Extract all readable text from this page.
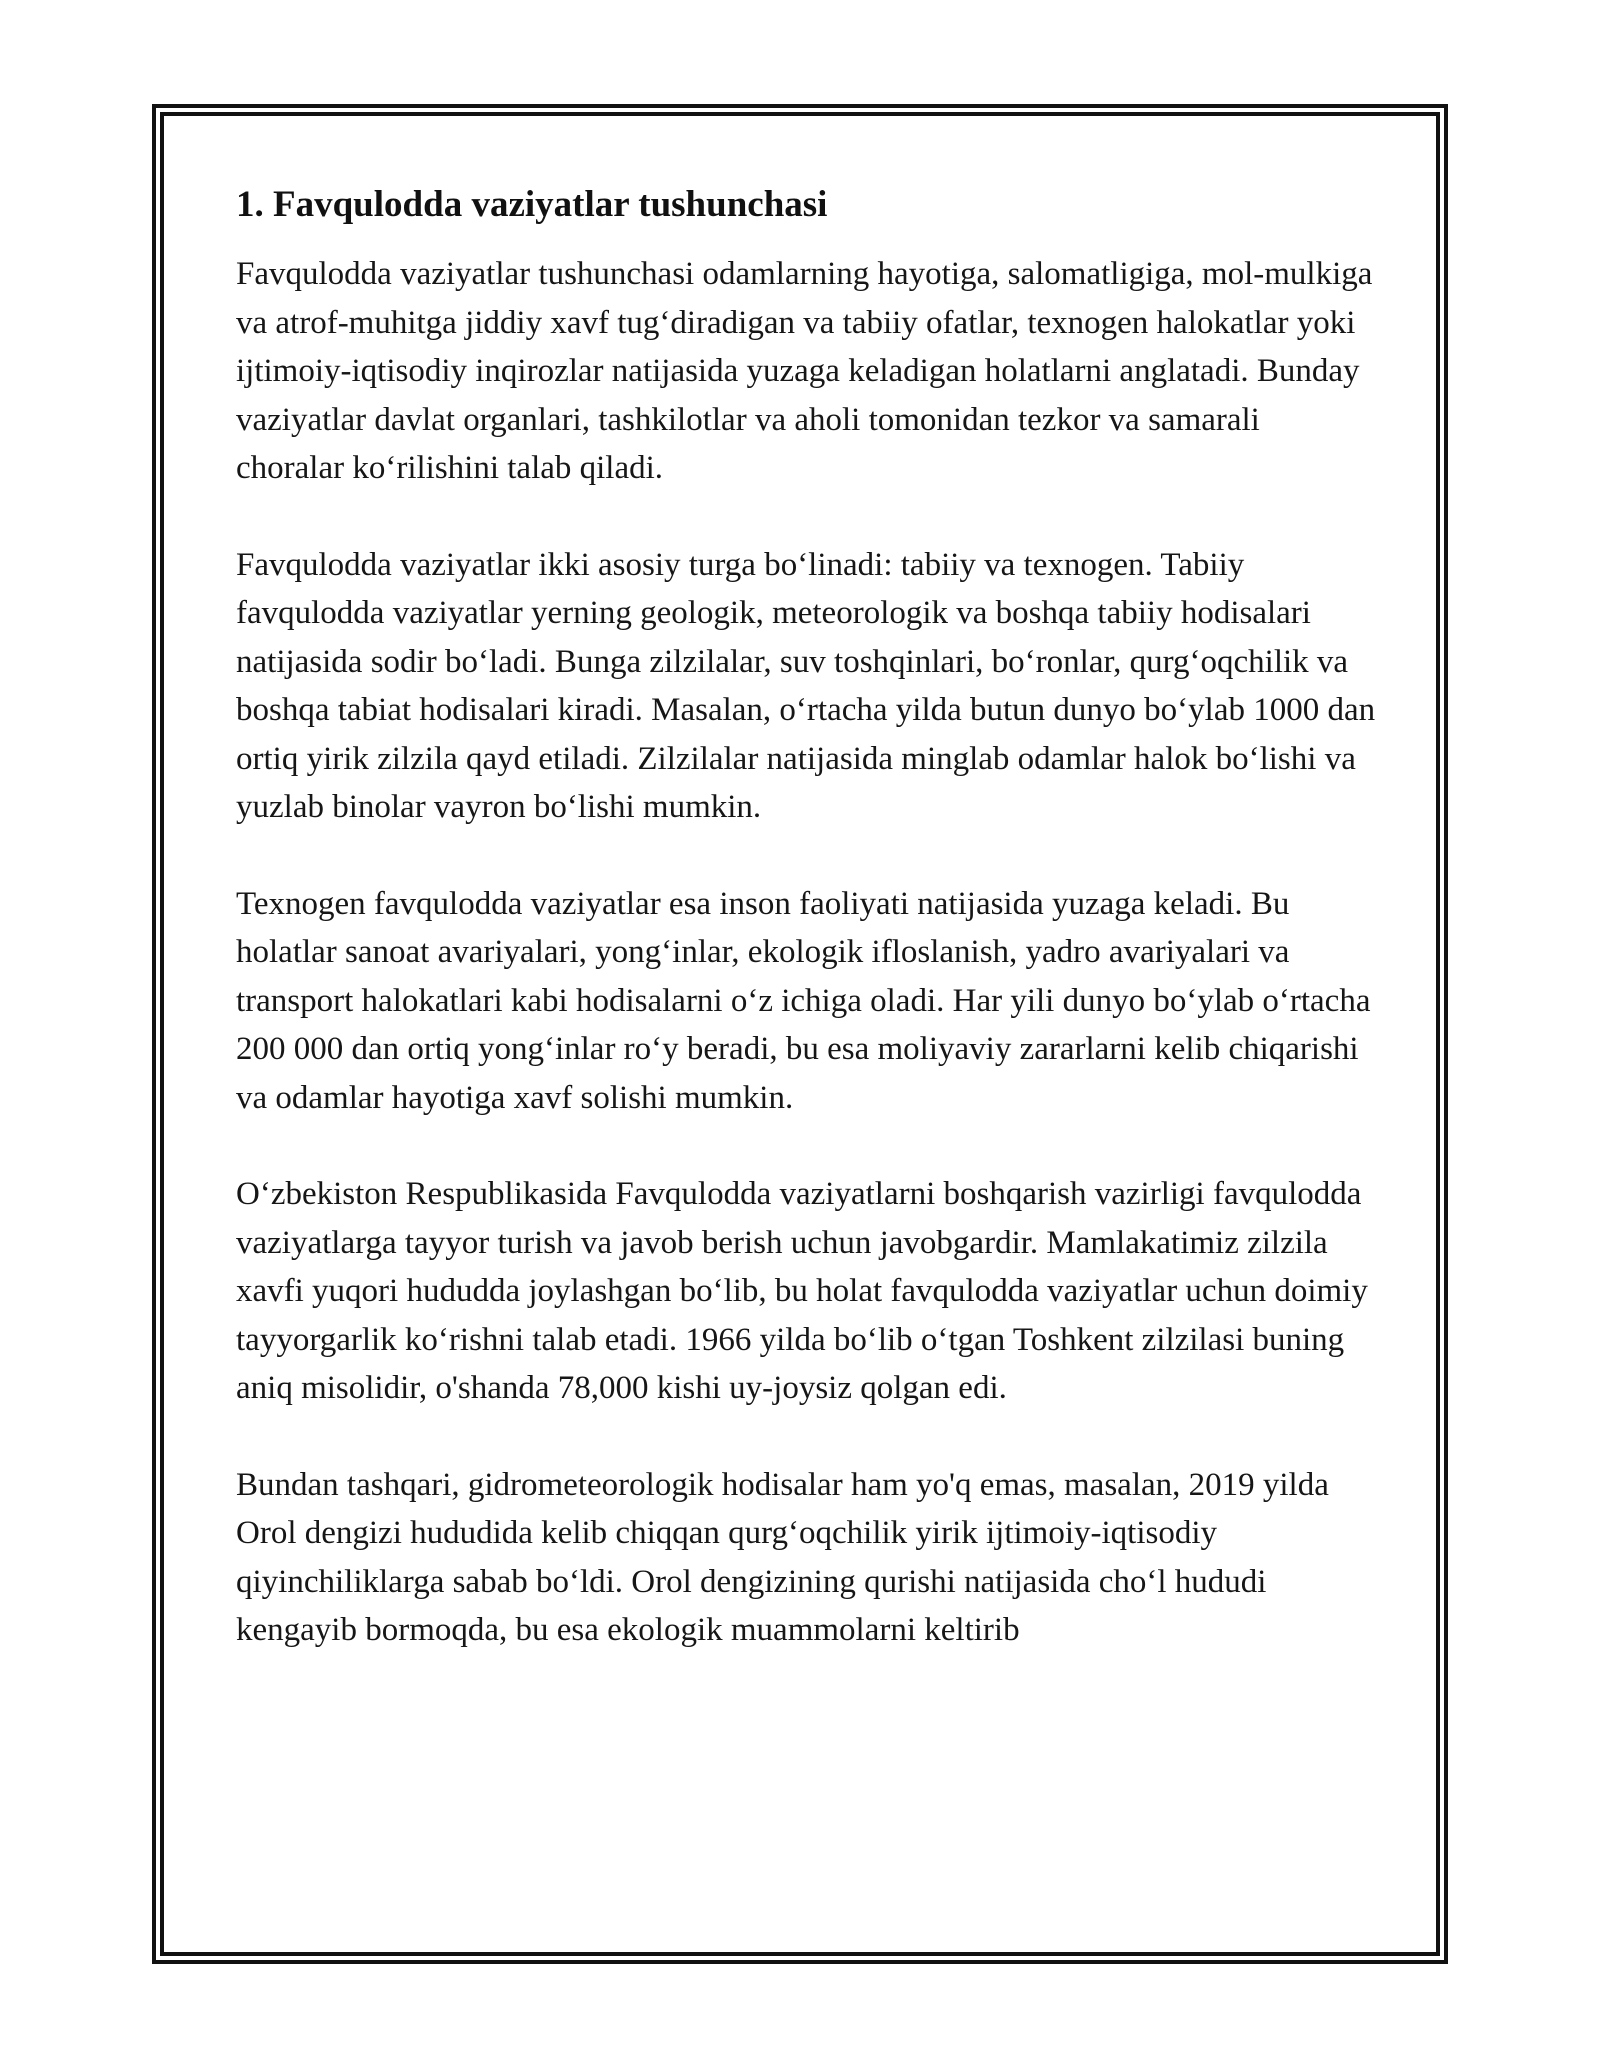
1. Favqulodda vaziyatlar tushunchasi

Favqulodda vaziyatlar tushunchasi odamlarning hayotiga, salomatligiga, mol-mulkiga va atrof-muhitga jiddiy xavf tug‘diradigan va tabiiy ofatlar, texnogen halokatlar yoki ijtimoiy-iqtisodiy inqirozlar natijasida yuzaga keladigan holatlarni anglatadi. Bunday vaziyatlar davlat organlari, tashkilotlar va aholi tomonidan tezkor va samarali choralar ko‘rilishini talab qiladi.

Favqulodda vaziyatlar ikki asosiy turga bo‘linadi: tabiiy va texnogen. Tabiiy favqulodda vaziyatlar yerning geologik, meteorologik va boshqa tabiiy hodisalari natijasida sodir bo‘ladi. Bunga zilzilalar, suv toshqinlari, bo‘ronlar, qurg‘oqchilik va boshqa tabiat hodisalari kiradi. Masalan, o‘rtacha yilda butun dunyo bo‘ylab 1000 dan ortiq yirik zilzila qayd etiladi. Zilzilalar natijasida minglab odamlar halok bo‘lishi va yuzlab binolar vayron bo‘lishi mumkin.

Texnogen favqulodda vaziyatlar esa inson faoliyati natijasida yuzaga keladi. Bu holatlar sanoat avariyalari, yong‘inlar, ekologik ifloslanish, yadro avariyalari va transport halokatlari kabi hodisalarni o‘z ichiga oladi. Har yili dunyo bo‘ylab o‘rtacha 200 000 dan ortiq yong‘inlar ro‘y beradi, bu esa moliyaviy zararlarni kelib chiqarishi va odamlar hayotiga xavf solishi mumkin.

O‘zbekiston Respublikasida Favqulodda vaziyatlarni boshqarish vazirligi favqulodda vaziyatlarga tayyor turish va javob berish uchun javobgardir. Mamlakatimiz zilzila xavfi yuqori hududda joylashgan bo‘lib, bu holat favqulodda vaziyatlar uchun doimiy tayyorgarlik ko‘rishni talab etadi. 1966 yilda bo‘lib o‘tgan Toshkent zilzilasi buning aniq misolidir, o'shanda 78,000 kishi uy-joysiz qolgan edi.

Bundan tashqari, gidrometeorologik hodisalar ham yo'q emas, masalan, 2019 yilda Orol dengizi hududida kelib chiqqan qurg‘oqchilik yirik ijtimoiy-iqtisodiy qiyinchiliklarga sabab bo‘ldi. Orol dengizining qurishi natijasida cho‘l hududi kengayib bormoqda, bu esa ekologik muammolarni keltirib
